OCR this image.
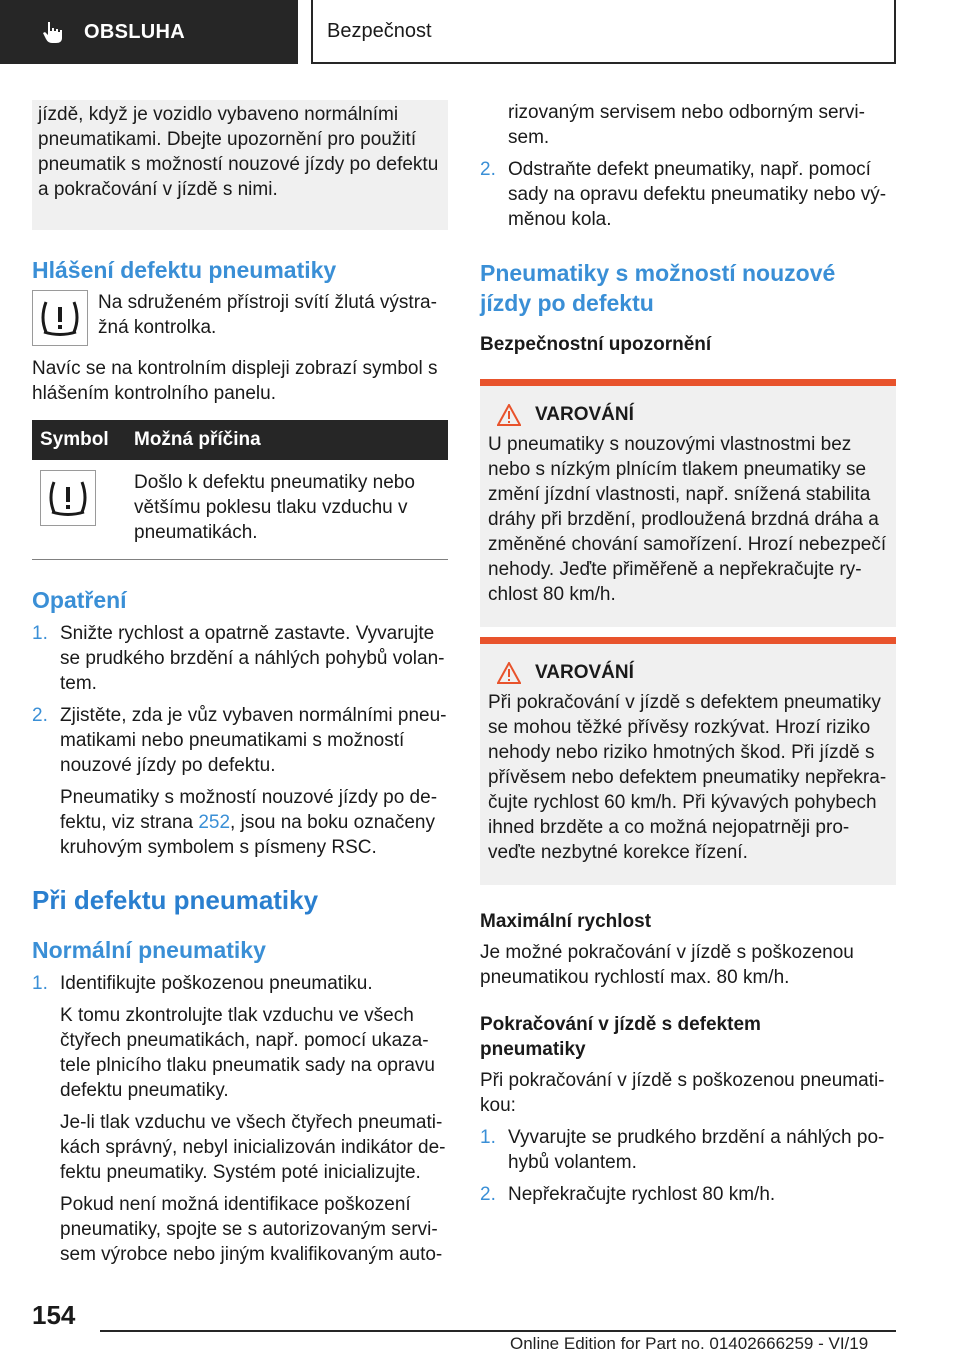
OBSLUHA	Bezpečnost

jízdě, když je vozidlo vybaveno normálními

pneumatikami. Dbejte upozornění pro použití

pneumatik s možností nouzové jízdy po defektu

a pokračování v jízdě s nimi.

Hlášení defektu pneumatiky

Na sdruženém přístroji svítí žlutá výstra-

žná kontrolka.

Navíc se na kontrolním displeji zobrazí symbol s

hlášením kontrolního panelu.

Symbol	Možná příčina

Došlo k defektu pneumatiky nebo

většímu poklesu tlaku vzduchu v

pneumatikách.

Opatření
1. Snižte rychlost a opatrně zastavte. Vyvarujte

se prudkého brzdění a náhlých pohybů volan-

tem.

2. Zjistěte, zda je vůz vybaven normálními pneu-

matikami nebo pneumatikami s možností

nouzové jízdy po defektu.

Pneumatiky s možností nouzové jízdy po de-

fektu, viz strana 252, jsou na boku označeny

kruhovým symbolem s písmeny RSC.

Při defektu pneumatiky
Normální pneumatiky
1. Identifikujte poškozenou pneumatiku.

K tomu zkontrolujte tlak vzduchu ve všech

čtyřech pneumatikách, např. pomocí ukaza-

tele plnicího tlaku pneumatik sady na opravu

defektu pneumatiky.

Je-li tlak vzduchu ve všech čtyřech pneumati-

kách správný, nebyl inicializován indikátor de-

fektu pneumatiky. Systém poté inicializujte.

Pokud není možná identifikace poškození

pneumatiky, spojte se s autorizovaným servi-

sem výrobce nebo jiným kvalifikovaným auto-

rizovaným servisem nebo odborným servi-

sem.

2. Odstraňte defekt pneumatiky, např. pomocí

sady na opravu defektu pneumatiky nebo vý-

měnou kola.

Pneumatiky s možností nouzové
jízdy po defektu
Bezpečnostní upozornění
VAROVÁNÍ

U pneumatiky s nouzovými vlastnostmi bez

nebo s nízkým plnícím tlakem pneumatiky se

změní jízdní vlastnosti, např. snížená stabilita

dráhy při brzdění, prodloužená brzdná dráha a

změněné chování samořízení. Hrozí nebezpečí

nehody. Jeďte přiměřeně a nepřekračujte ry-

chlost 80 km/h.

VAROVÁNÍ

Při pokračování v jízdě s defektem pneumatiky

se mohou těžké přívěsy rozkývat. Hrozí riziko

nehody nebo riziko hmotných škod. Při jízdě s

přívěsem nebo defektem pneumatiky nepřekra-

čujte rychlost 60 km/h. Při kývavých pohybech

ihned brzděte a co možná nejopatrněji pro-

veďte nezbytné korekce řízení.

Maximální rychlost

Je možné pokračování v jízdě s poškozenou

pneumatikou rychlostí max. 80 km/h.

Pokračování v jízdě s defektem
pneumatiky

Při pokračování v jízdě s poškozenou pneumati-

kou:

1. Vyvarujte se prudkého brzdění a náhlých po-

hybů volantem.

2. Nepřekračujte rychlost 80 km/h.

154
Online Edition for Part no. 01402666259 - VI/19
